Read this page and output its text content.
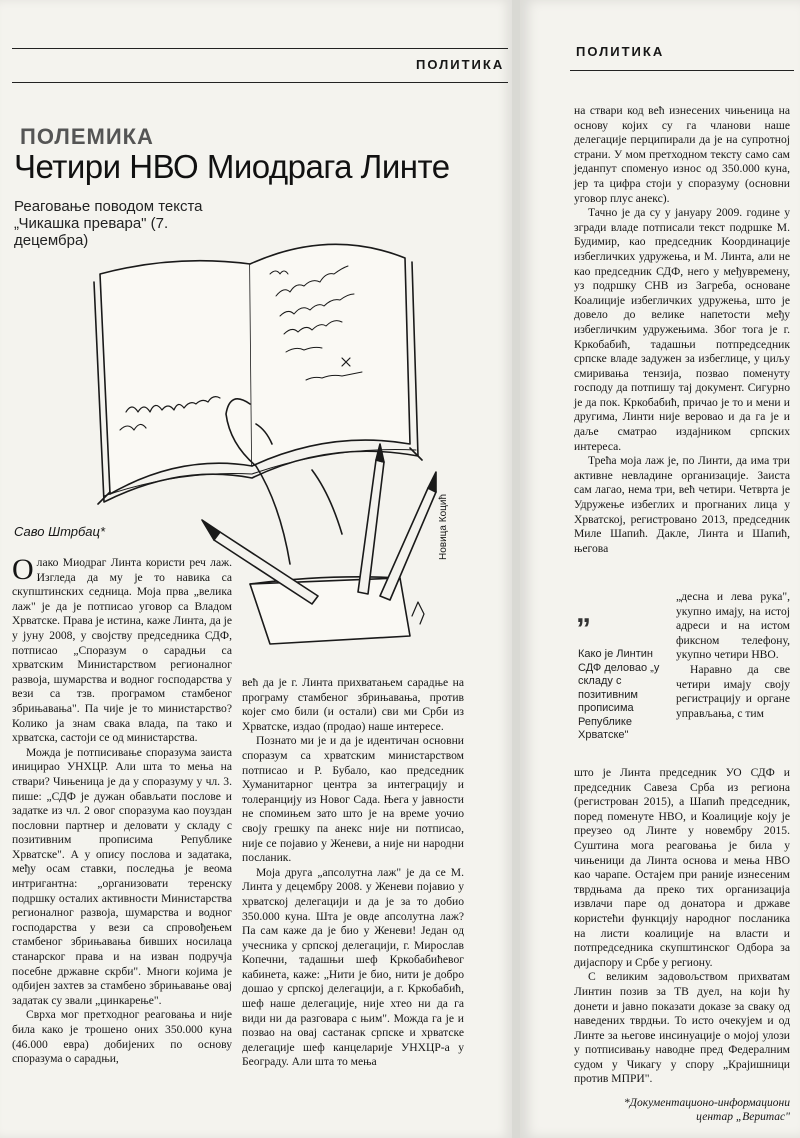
ПОЛИТИКА
ПОЛЕМИКА
Четири НВО Миодрага Линте
Реаговање поводом текста „Чикашка преварa" (7. децембра)
Новица Коцић
Саво Штрбац*

Олако Миодраг Линта користи реч лаж. Изгледа да му је то навика са скупштинских седница. Моја прва „велика лаж" је да је потписао уговор са Владом Хрватске. Права је истина, каже Линта, да је у јуну 2008, у својству председника СДФ, потписао „Споразум о сарадњи са хрватским Министарством регионалног развоја, шумарства и водног господарства у вези са тзв. програмом стамбеног збрињавања". Па чије је то министарство? Колико ја знам свака влада, па тако и хрватска, састоји се од министарства.

Можда је потписивање споразума заиста иницирао УНХЦР. Али шта то мења на ствари? Чињеница је да у споразуму у чл. 3. пише: „СДФ је дужан обављати послове и задатке из чл. 2 овог споразума као поуздан пословни партнер и деловати у складу с позитивним прописима Републике Хрватске". А у опису послова и задатака, међу осам ставки, последња је веома интригантна: „организовати теренску подршку осталих активности Министарства регионалног развоја, шумарства и водног господарства у вези са спровођењем стамбеног збрињавања бивших носилаца станарског права и на изван подручја посебне државне скрби". Многи којима је одбијен захтев за стамбено збрињавање овај задатак су звали „цинкарење".

Сврха мог претходног реаговања и није била како је трошено оних 350.000 куна (46.000 евра) добијених по основу споразума о сарадњи,

већ да је г. Линта прихватањем сарадње на програму стамбеног збрињавања, против којег смо били (и остали) сви ми Срби из Хрватске, издао (продао) наше интересе.

Познато ми је и да је идентичан основни споразум са хрватским министарством потписао и Р. Бубало, као председник Хуманитарног центра за интеграцију и толеранцију из Новог Сада. Њега у јавности не спомињем зато што је на време уочио своју грешку па анекс није ни потписао, није се појавио у Женеви, а није ни народни посланик.

Моја друга „апсолутна лаж" је да се М. Линта у децембру 2008. у Женеви појавио у хрватској делегацији и да је за то добио 350.000 куна. Шта је овде апсолутна лаж? Па сам каже да је био у Женеви! Један од учесника у српској делегацији, г. Мирослав Копечни, тадашњи шеф Кркобабићевог кабинета, каже: „Нити је био, нити је добро дошао у српској делегацији, а г. Кркобабић, шеф наше делегације, није хтео ни да га види ни да разговара с њим". Можда га је и позвао на овај састанак српске и хрватске делегације шеф канцеларије УНХЦР-а у Београду. Али шта то мења

ПОЛИТИКА

на ствари код већ изнесених чињеница на основу којих су га чланови наше делегације перципирали да је на супротној страни. У мом претходном тексту само сам једанпут споменуо износ од 350.000 куна, јер та цифра стоји у споразуму (основни уговор плус анекс).

Тачно је да су у јануару 2009. године у згради владе потписали текст подршке М. Будимир, као председник Координације избегличких удружења, и М. Линта, али не као председник СДФ, него у међувремену, уз подршку СНВ из Загреба, основане Коалиције избегличких удружења, што је довело до велике напетости међу избегличким удружењима. Због тога је г. Кркобабић, тадашњи потпредседник српске владе задужен за избеглице, у циљу смиривања тензија, позвао поменуту господу да потпишу тај документ. Сигурно је да пок. Кркобабић, причао је то и мени и другима, Линти није веровао и да га је и даље сматрао издајником српских интереса.

Трећа моја лаж је, по Линти, да има три активне невладине организације. Заиста сам лагао, нема три, већ четири. Четврта је Удружење избеглих и прогнаних лица у Хрватској, регистровано 2013, председник Миле Шапић. Дакле, Линта и Шапић, његова

„
Како је Линтин СДФ деловао „у складу с позитивним прописима Републике Хрватске"

„десна и лева рука", укупно имају, на истој адреси и на истом фиксном телефону, укупно четири НВО.

Наравно да све четири имају своју регистрацију и органе управљања, с тим

што је Линта председник УО СДФ и председник Савеза Срба из региона (регистрован 2015), а Шапић председник, поред поменуте НВО, и Коалиције коју је преузео од Линте у новембру 2015. Суштина мога реаговања је била у чињеници да Линта основа и мења НВО као чарапе. Остајем при раније изнесеним тврдњама да преко тих организација извлачи паре од донатора и државе користећи функцију народног посланика на листи коалиције на власти и потпредседника скупштинског Одбора за дијаспору и Србе у региону.

С великим задовољством прихватам Линтин позив за ТВ дуел, на који ћу донети и јавно показати доказе за сваку од наведених тврдњи. То исто очекујем и од Линте за његове инсинуације о мојој улози у потписивању наводне пред Федералним судом у Чикагу у спору „Крајишници против МПРИ".

*Документационо-информациони центар „Веритас"
